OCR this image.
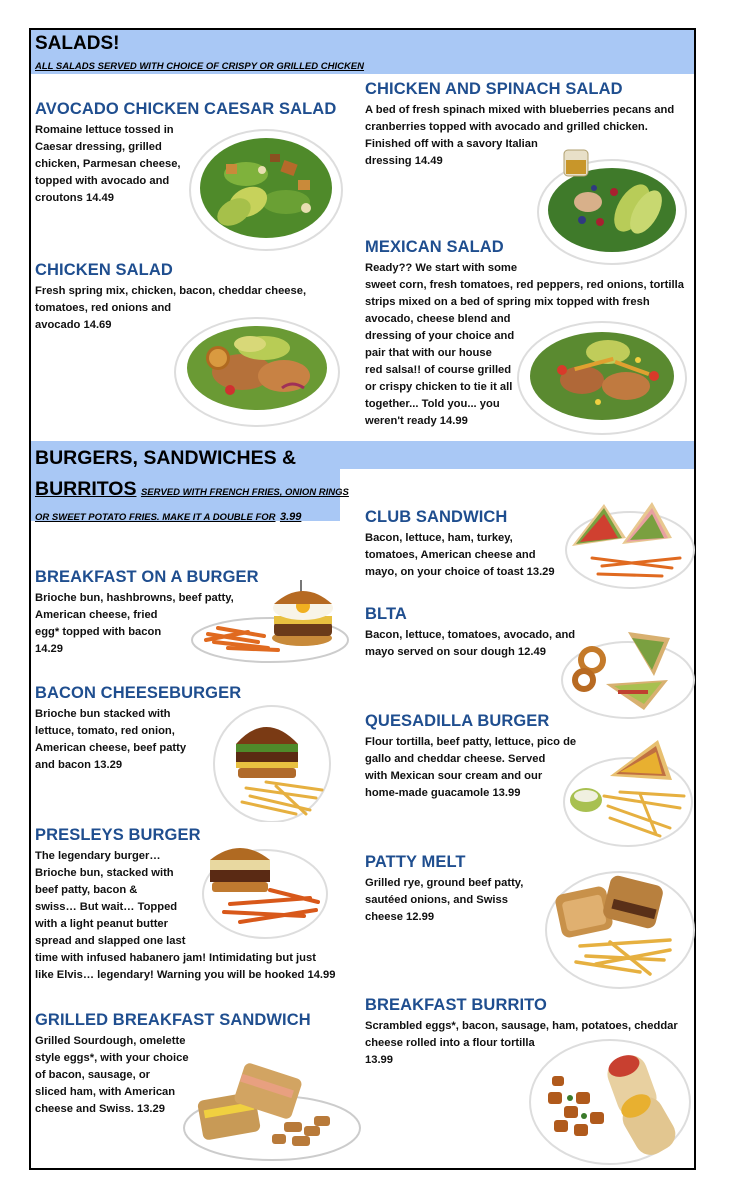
SALADS!
ALL SALADS SERVED WITH CHOICE OF CRISPY OR GRILLED CHICKEN
AVOCADO CHICKEN CAESAR SALAD

Romaine lettuce tossed in
Caesar dressing, grilled
chicken, Parmesan cheese,
topped with avocado and
croutons 14.49

CHICKEN SALAD

Fresh spring mix, chicken, bacon, cheddar cheese,
tomatoes, red onions and
avocado 14.69

CHICKEN AND SPINACH SALAD

A bed of fresh spinach mixed with blueberries pecans and
cranberries topped with avocado and grilled chicken.
Finished off with a savory Italian
dressing 14.49

MEXICAN SALAD

Ready?? We start with some
sweet corn, fresh tomatoes, red peppers, red onions, tortilla
strips mixed on a bed of spring mix topped with fresh
avocado, cheese blend and
dressing of your choice and
pair that with our house
red salsa!! of course grilled
or crispy chicken to tie it all
together... Told you... you
weren't ready 14.99

BURGERS, SANDWICHES &
BURRITOS SERVED WITH FRENCH FRIES, ONION RINGS
OR SWEET POTATO FRIES. MAKE IT A DOUBLE FOR 3.99
BREAKFAST ON A BURGER

Brioche bun, hashbrowns, beef patty,
American cheese, fried
egg* topped with bacon
14.29

BACON CHEESEBURGER

Brioche bun stacked with
lettuce, tomato, red onion,
American cheese, beef patty
and bacon 13.29

PRESLEYS BURGER

The legendary burger…
Brioche bun, stacked with
beef patty, bacon &
swiss… But wait… Topped
with a light peanut butter
spread and slapped one last
time with infused habanero jam! Intimidating but just
like Elvis… legendary! Warning you will be hooked 14.99

GRILLED BREAKFAST SANDWICH

Grilled Sourdough, omelette
style eggs*, with your choice
of bacon, sausage, or
sliced ham, with American
cheese and Swiss. 13.29

CLUB SANDWICH

Bacon, lettuce, ham, turkey,
tomatoes, American cheese and
mayo, on your choice of toast 13.29

BLTA

Bacon, lettuce, tomatoes, avocado, and
mayo served on sour dough 12.49

QUESADILLA BURGER

Flour tortilla, beef patty, lettuce, pico de
gallo and cheddar cheese. Served
with Mexican sour cream and our
home-made guacamole 13.99

PATTY MELT

Grilled rye, ground beef patty,
sautéed onions, and Swiss
cheese 12.99

BREAKFAST BURRITO

Scrambled eggs*, bacon, sausage, ham, potatoes, cheddar
cheese rolled into a flour tortilla
13.99
